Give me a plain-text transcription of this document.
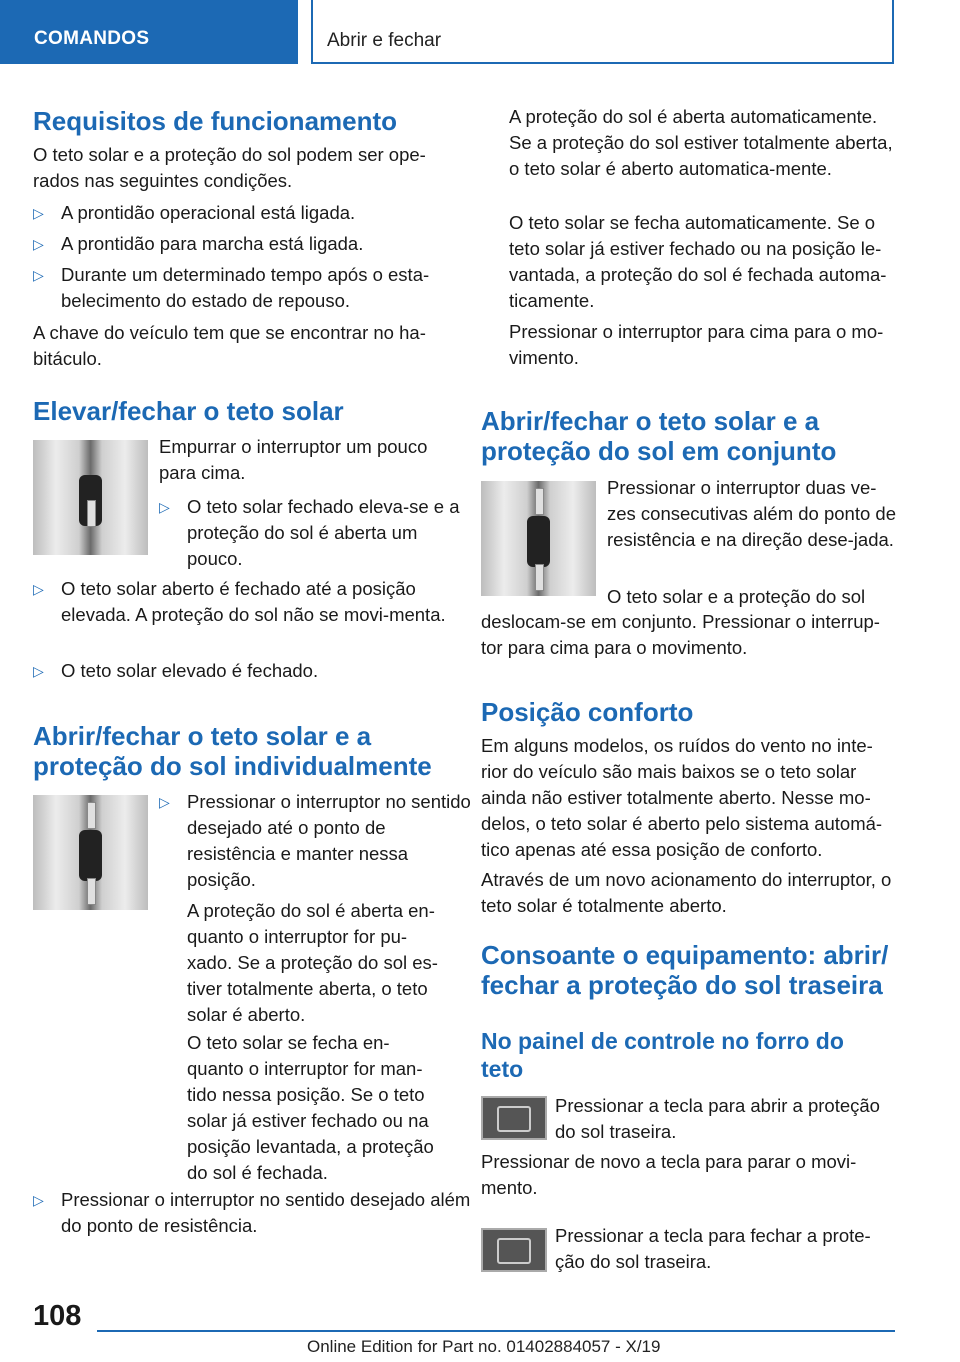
COMANDOS	Abrir e fechar
Requisitos de funcionamento

O teto solar e a proteção do sol podem ser ope-rados nas seguintes condições.

▷ A prontidão operacional está ligada.
▷ A prontidão para marcha está ligada.
▷ Durante um determinado tempo após o esta-belecimento do estado de repouso.

A chave do veículo tem que se encontrar no ha-bitáculo.

Elevar/fechar o teto solar

Empurrar o interruptor um pouco para cima.

▷ O teto solar fechado eleva-se e a proteção do sol é aberta um pouco.
▷ O teto solar aberto é fechado até a posição elevada. A proteção do sol não se movi-menta.
▷ O teto solar elevado é fechado.
Abrir/fechar o teto solar e a proteção do sol individualmente
▷ Pressionar o interruptor no sentido desejado até o ponto de resistência e manter nessa posição.

A proteção do sol é aberta en-quanto o interruptor for pu-xado. Se a proteção do sol es-tiver totalmente aberta, o teto solar é aberto.

O teto solar se fecha en-quanto o interruptor for man-tido nessa posição. Se o teto solar já estiver fechado ou na posição levantada, a proteção do sol é fechada.

▷ Pressionar o interruptor no sentido desejado além do ponto de resistência.

A proteção do sol é aberta automaticamente. Se a proteção do sol estiver totalmente aberta, o teto solar é aberto automatica-mente.

O teto solar se fecha automaticamente. Se o teto solar já estiver fechado ou na posição le-vantada, a proteção do sol é fechada automa-ticamente.

Pressionar o interruptor para cima para o mo-vimento.

Abrir/fechar o teto solar e a proteção do sol em conjunto

Pressionar o interruptor duas ve-zes consecutivas além do ponto de resistência e na direção dese-jada.

O teto solar e a proteção do sol

deslocam-se em conjunto. Pressionar o interrup-tor para cima para o movimento.

Posição conforto

Em alguns modelos, os ruídos do vento no inte-rior do veículo são mais baixos se o teto solar ainda não estiver totalmente aberto. Nesse mo-delos, o teto solar é aberto pelo sistema automá-tico apenas até essa posição de conforto.

Através de um novo acionamento do interruptor, o teto solar é totalmente aberto.

Consoante o equipamento: abrir/ fechar a proteção do sol traseira
No painel de controle no forro do teto

Pressionar a tecla para abrir a proteção do sol traseira.

Pressionar de novo a tecla para parar o movi-mento.

Pressionar a tecla para fechar a prote-ção do sol traseira.

108
Online Edition for Part no. 01402884057 - X/19
